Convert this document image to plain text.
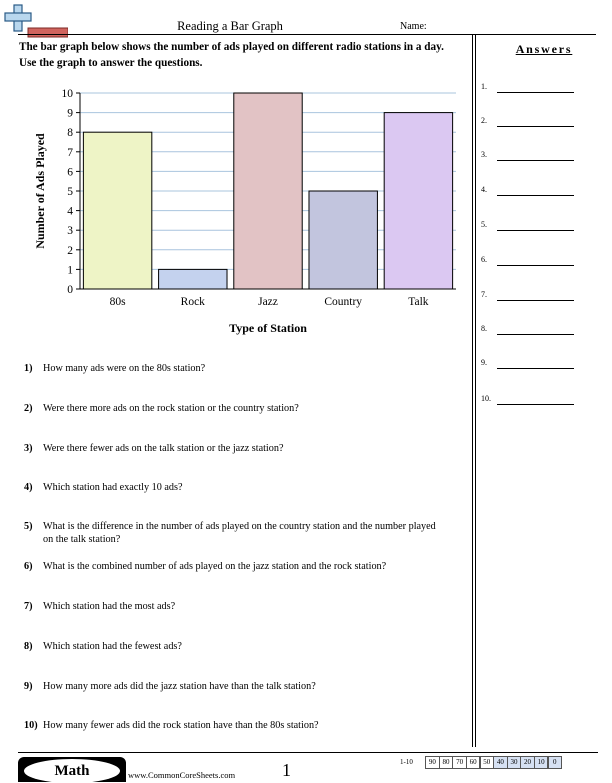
Reading a Bar Graph	Name:
The bar graph below shows the number of ads played on different radio stations in a day. Use the graph to answer the questions.
Answers
1.
2.
3.
4.
5.
6.
7.
8.
9.
10.
0
1
2
3
4
5
6
7
8
9
10
80s	Rock	Jazz	Country	Talk
Type of Station
Number of Ads Played
1) How many ads were on the 80s station?
2) Were there more ads on the rock station or the country station?
3) Were there fewer ads on the talk station or the jazz station?
4) Which station had exactly 10 ads?
5) What is the difference in the number of ads played on the country station and the number played on the talk station?
6) What is the combined number of ads played on the jazz station and the rock station?
7) Which station had the most ads?
8) Which station had the fewest ads?
9) How many more ads did the jazz station have than the talk station?
10) How many fewer ads did the rock station have than the 80s station?
Math	www.CommonCoreSheets.com	1	1-10	90 80 70 60 50 40 30 20 10	0
